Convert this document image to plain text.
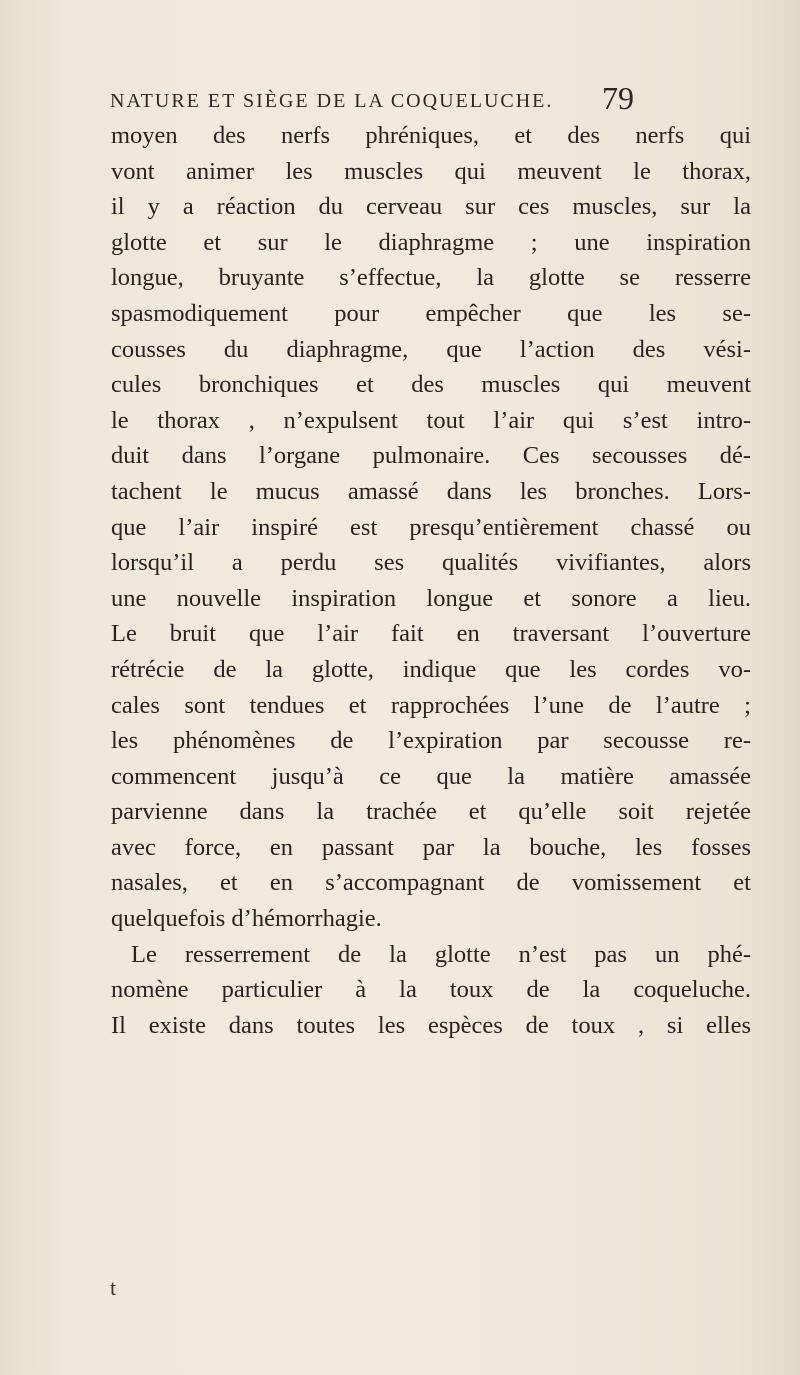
NATURE ET SIÈGE DE LA COQUELUCHE. 79
moyen des nerfs phréniques, et des nerfs qui
vont animer les muscles qui meuvent le thorax,
il y a réaction du cerveau sur ces muscles, sur la
glotte et sur le diaphragme ; une inspiration
longue, bruyante s’effectue, la glotte se resserre
spasmodiquement pour empêcher que les se-
cousses du diaphragme, que l’action des vési-
cules bronchiques et des muscles qui meuvent
le thorax , n’expulsent tout l’air qui s’est intro-
duit dans l’organe pulmonaire. Ces secousses dé-
tachent le mucus amassé dans les bronches. Lors-
que l’air inspiré est presqu’entièrement chassé ou
lorsqu’il a perdu ses qualités vivifiantes, alors
une nouvelle inspiration longue et sonore a lieu.
Le bruit que l’air fait en traversant l’ouverture
rétrécie de la glotte, indique que les cordes vo-
cales sont tendues et rapprochées l’une de l’autre ;
les phénomènes de l’expiration par secousse re-
commencent jusqu’à ce que la matière amassée
parvienne dans la trachée et qu’elle soit rejetée
avec force, en passant par la bouche, les fosses
nasales, et en s’accompagnant de vomissement et
quelquefois d’hémorrhagie.
Le resserrement de la glotte n’est pas un phé-
nomène particulier à la toux de la coqueluche.
Il existe dans toutes les espèces de toux , si elles
t
